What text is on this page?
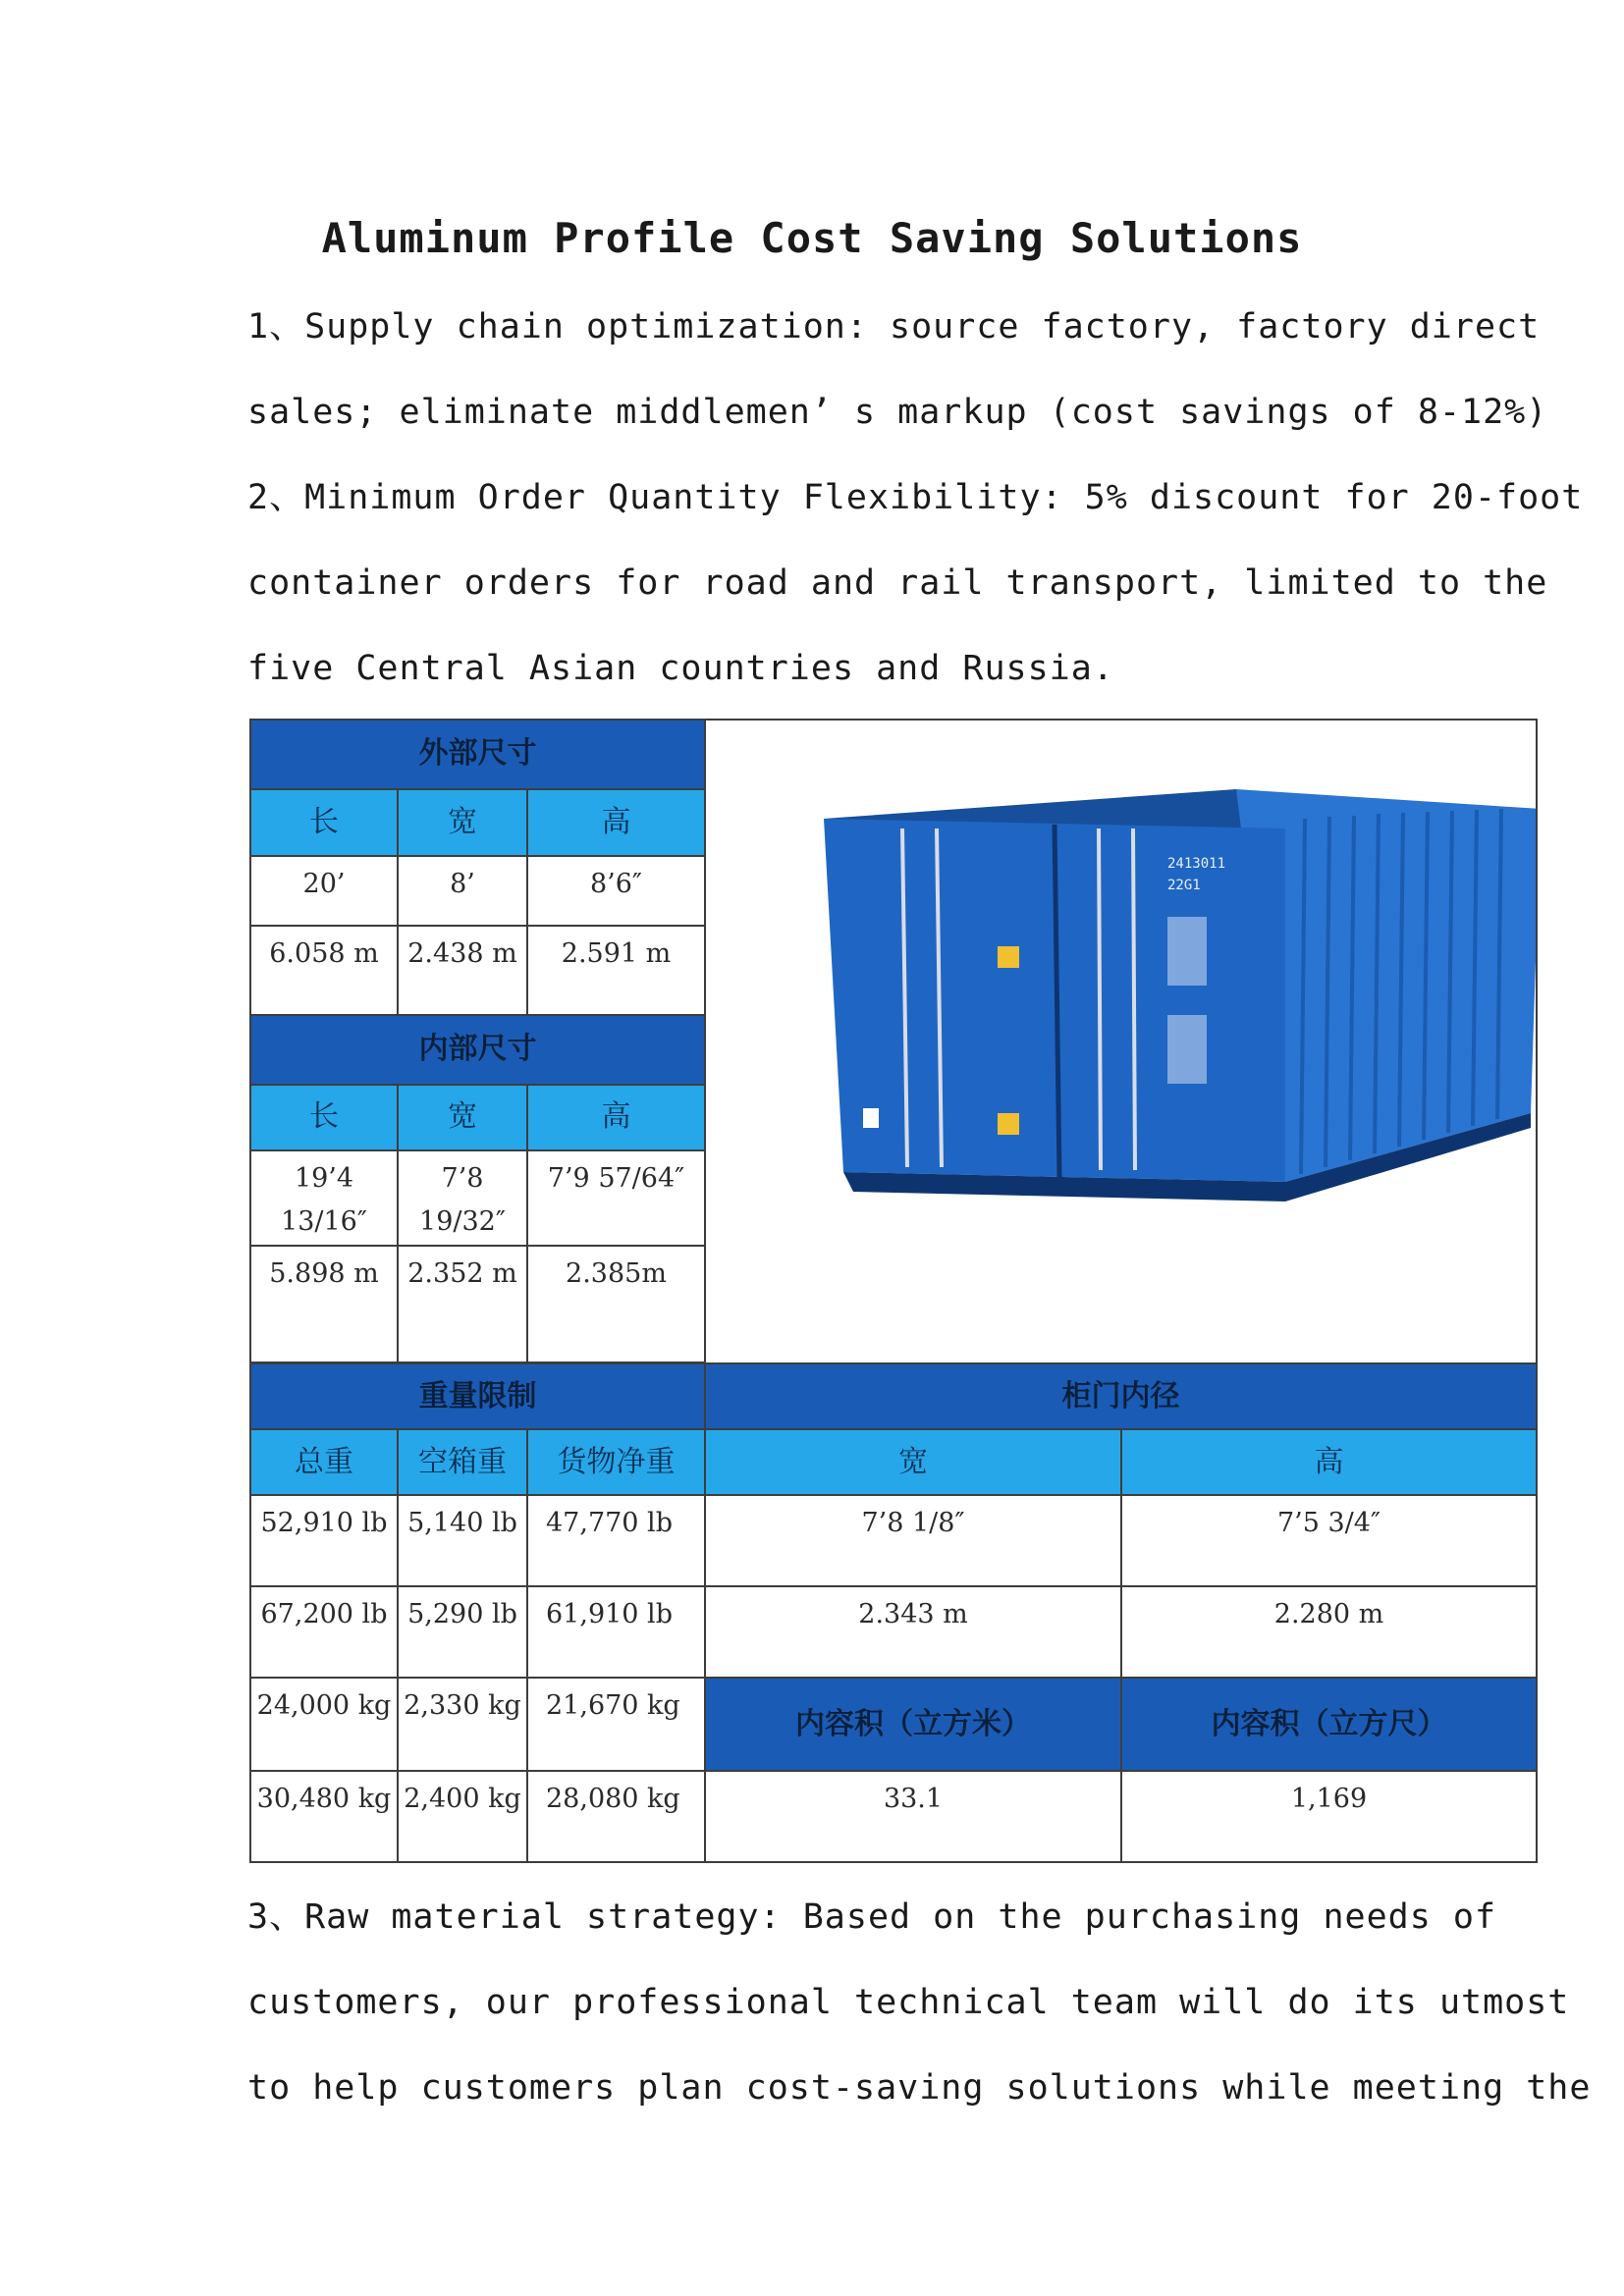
Aluminum Profile Cost Saving Solutions

1、Supply chain optimization: source factory, factory direct

sales; eliminate middlemen’ s markup (cost savings of 8-12%)

2、Minimum Order Quantity Flexibility: 5% discount for 20-foot

container orders for road and rail transport, limited to the

five Central Asian countries and Russia.

外部尺寸			2413011
22G1	

长	宽	高		
20’	8’	8’6″		
6.058 m	2.438 m	2.591 m		
内部尺寸				
长	宽	高		
19’4 13/16″	7’8 19/32″	7’9 57/64″		
5.898 m	2.352 m	2.385m		

重量限制			柜门内径	
总重	空箱重	货物净重	宽	高
52,910 lb	5,140 lb	47,770 lb	7’8 1/8″	7’5 3/4″
67,200 lb	5,290 lb	61,910 lb	2.343 m	2.280 m
24,000 kg	2,330 kg	21,670 kg	内容积（立方米）	内容积（立方尺）
30,480 kg	2,400 kg	28,080 kg	33.1	1,169

3、Raw material strategy: Based on the purchasing needs of

customers, our professional technical team will do its utmost

to help customers plan cost-saving solutions while meeting the
